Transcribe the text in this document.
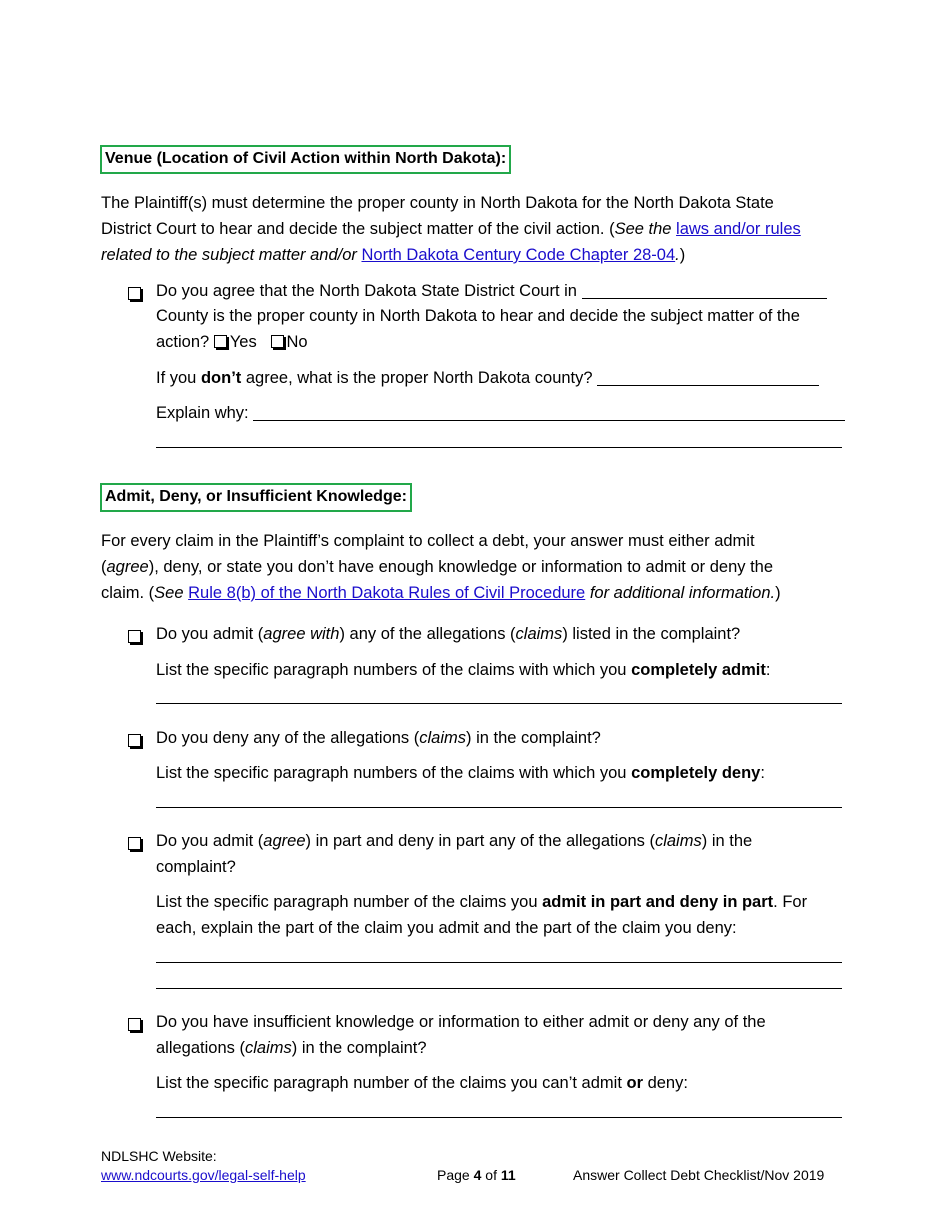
Venue (Location of Civil Action within North Dakota):
The Plaintiff(s) must determine the proper county in North Dakota for the North Dakota State
District Court to hear and decide the subject matter of the civil action. (See the laws and/or rules
related to the subject matter and/or North Dakota Century Code Chapter 28-04.)
Do you agree that the North Dakota State District Court in
County is the proper county in North Dakota to hear and decide the subject matter of the
action? Yes No
If you don’t agree, what is the proper North Dakota county?
Explain why:
Admit, Deny, or Insufficient Knowledge:
For every claim in the Plaintiff’s complaint to collect a debt, your answer must either admit
(agree), deny, or state you don’t have enough knowledge or information to admit or deny the
claim. (See Rule 8(b) of the North Dakota Rules of Civil Procedure for additional information.)
Do you admit (agree with) any of the allegations (claims) listed in the complaint?
List the specific paragraph numbers of the claims with which you completely admit:
Do you deny any of the allegations (claims) in the complaint?
List the specific paragraph numbers of the claims with which you completely deny:
Do you admit (agree) in part and deny in part any of the allegations (claims) in the
complaint?
List the specific paragraph number of the claims you admit in part and deny in part. For
each, explain the part of the claim you admit and the part of the claim you deny:
Do you have insufficient knowledge or information to either admit or deny any of the
allegations (claims) in the complaint?
List the specific paragraph number of the claims you can’t admit or deny:
NDLSHC Website:
www.ndcourts.gov/legal-self-help	Page 4 of 11	Answer Collect Debt Checklist/Nov 2019
